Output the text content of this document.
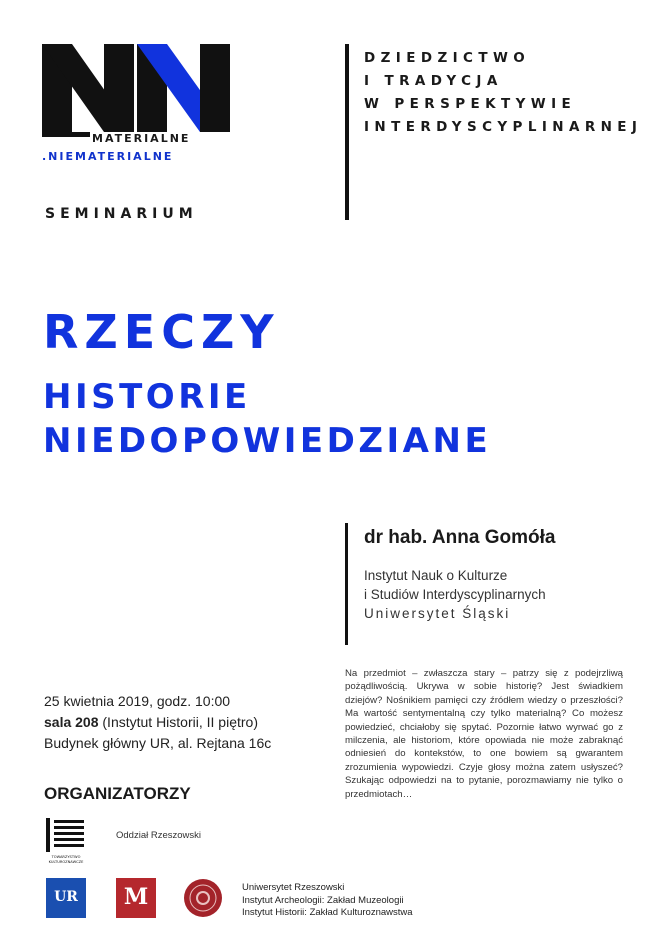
MATERIALNE
.NIEMATERIALNE
DZIEDZICTWO
I TRADYCJA
W PERSPEKTYWIE
INTERDYSCYPLINARNEJ
SEMINARIUM
RZECZY
HISTORIE
NIEDOPOWIEDZIANE
dr hab. Anna Gomóła
Instytut Nauk o Kulturze
i Studiów Interdyscyplinarnych
Uniwersytet Śląski
25 kwietnia 2019, godz. 10:00
sala 208 (Instytut Historii, II piętro)
Budynek główny UR, al. Rejtana 16c
Na przedmiot – zwłaszcza stary – patrzy się z podejrzliwą pożądliwością. Ukrywa w sobie historię? Jest świadkiem dziejów? Nośnikiem pamięci czy źródłem wiedzy o przeszłości? Ma wartość sentymentalną czy tylko materialną? Co możesz powiedzieć, chciałoby się spytać. Pozornie łatwo wyrwać go z milczenia, ale historiom, które opowiada nie może zabraknąć odniesień do kontekstów, to one bowiem są gwarantem zrozumienia wypowiedzi. Czyje głosy można zatem usłyszeć? Szukając odpowiedzi na to pytanie, porozmawiamy nie tylko o przedmiotach…
ORGANIZATORZY
TOWARZYSTWO
KULTUROZNAWCZE
Oddział Rzeszowski
UR	M	Uniwersytet Rzeszowski
Instytut Archeologii: Zakład Muzeologii
Instytut Historii: Zakład Kulturoznawstwa
